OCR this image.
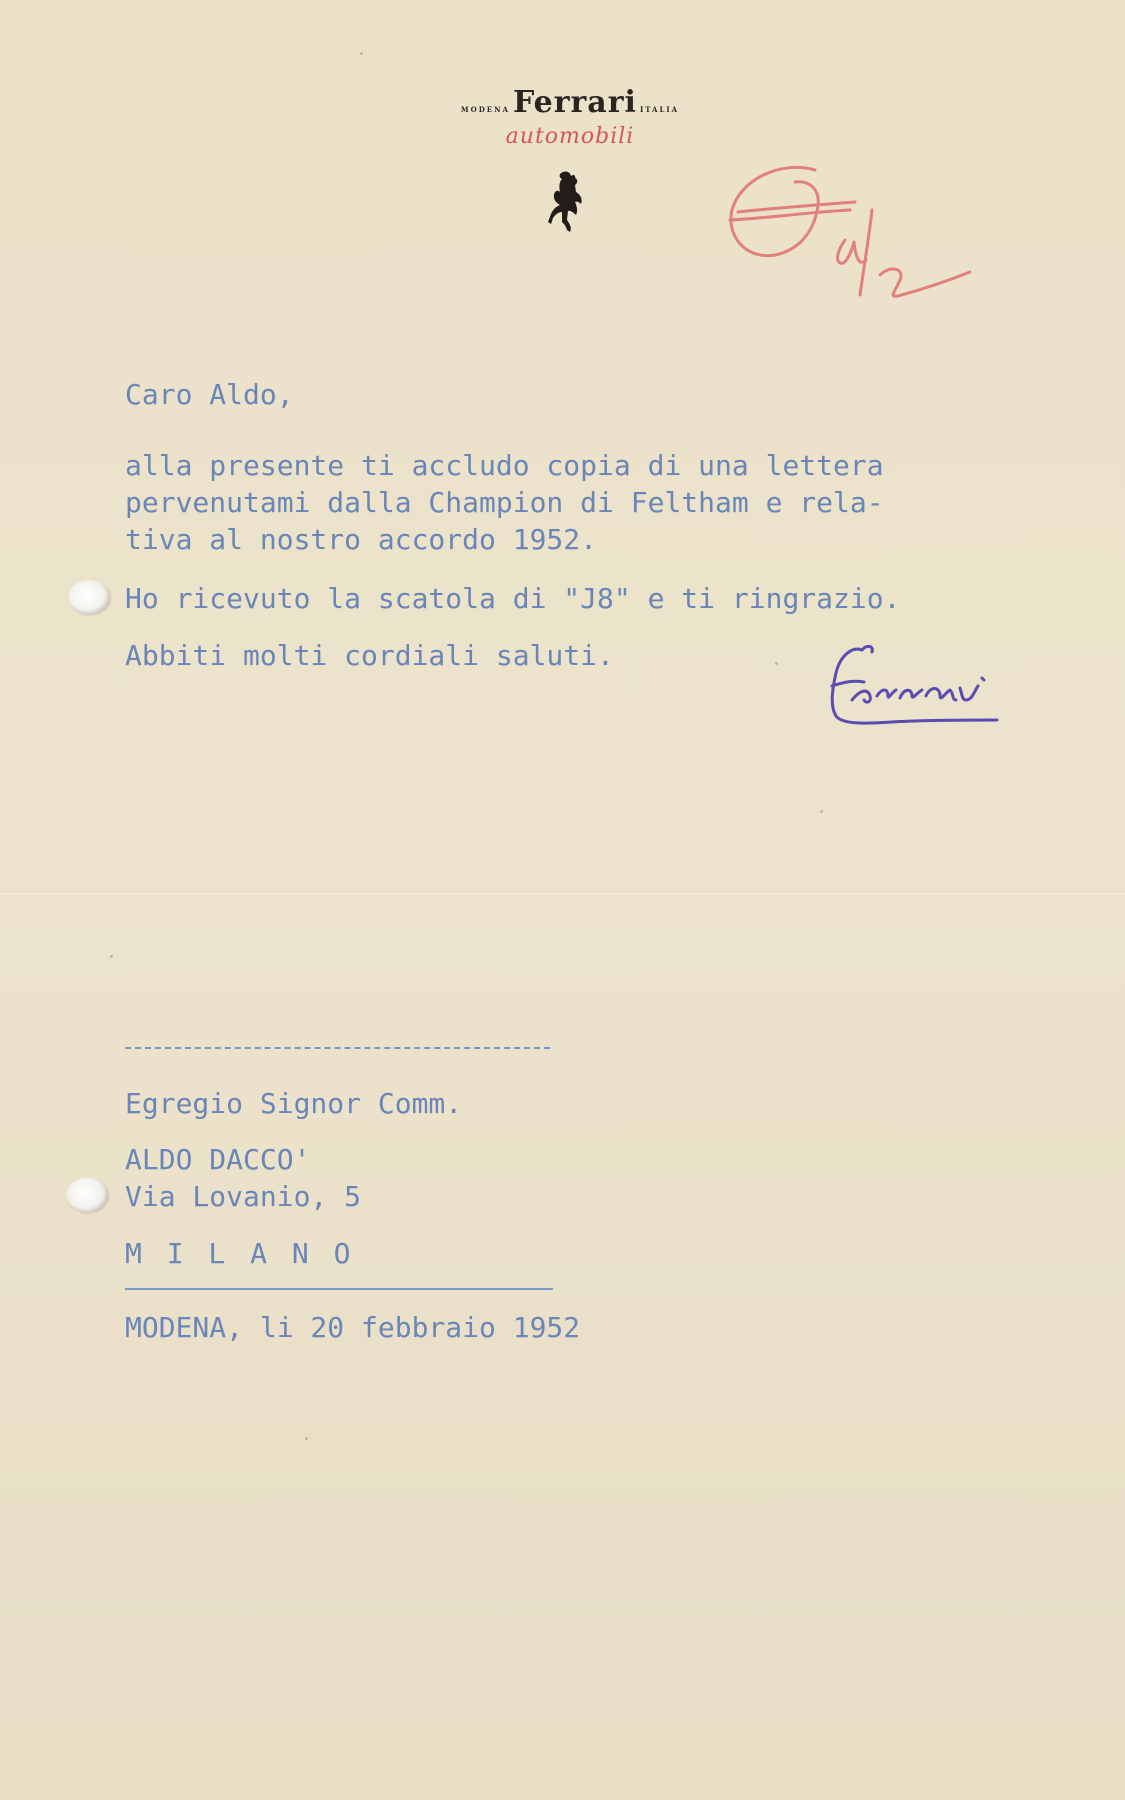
MODENA Ferrari ITALIA
automobili
Caro Aldo,
alla presente ti accludo copia di una lettera
pervenutami dalla Champion di Feltham e rela-
tiva al nostro accordo 1952.
Ho ricevuto la scatola di "J8" e ti ringrazio.
Abbiti molti cordiali saluti.
Egregio Signor Comm.
ALDO DACCO'
Via Lovanio, 5
M I L A N O
MODENA, li 20 febbraio 1952
